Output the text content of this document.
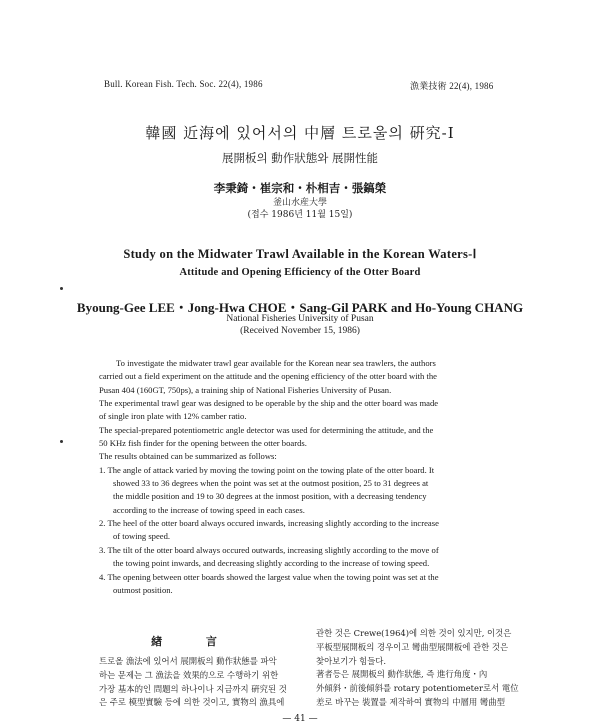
Bull. Korean Fish. Tech. Soc. 22(4), 1986	漁業技術 22(4), 1986
韓國 近海에 있어서의 中層 트로울의 硏究-Ⅰ
展開板의 動作狀態와 展開性能
李秉錡・崔宗和・朴相吉・張鎬榮
釜山水産大學
(접수 1986년 11월 15일)
Study on the Midwater Trawl Available in the Korean Waters-Ⅰ
Attitude and Opening Efficiency of the Otter Board
Byoung-Gee LEE・Jong-Hwa CHOE・Sang-Gil PARK and Ho-Young CHANG
National Fisheries University of Pusan
(Received November 15, 1986)
To investigate the midwater trawl gear available for the Korean near sea trawlers, the authors
carried out a field experiment on the attitude and the opening efficiency of the otter board with the
Pusan 404 (160GT, 750ps), a training ship of National Fisheries University of Pusan.
The experimental trawl gear was designed to be operable by the ship and the otter board was made
of single iron plate with 12% camber ratio.
The special-prepared potentiometric angle detector was used for determining the attitude, and the
50 KHz fish finder for the opening between the otter boards.
The results obtained can be summarized as follows:
1. The angle of attack varied by moving the towing point on the towing plate of the otter board. It
showed 33 to 36 degrees when the point was set at the outmost position, 25 to 31 degrees at
the middle position and 19 to 30 degrees at the inmost position, with a decreasing tendency
according to the increase of towing speed in each cases.
2. The heel of the otter board always occured inwards, increasing slightly according to the increase
of towing speed.
3. The tilt of the otter board always occured outwards, increasing slightly according to the move of
the towing point inwards, and decreasing slightly according to the increase of towing speed.
4. The opening between otter boards showed the largest value when the towing point was set at the
outmost position.
緖 言
트로올 漁法에 있어서 展開板의 動作狀態를 파악
하는 문제는 그 漁法을 效果的으로 수행하기 위한
가장 基本的인 問題의 하나이나 지금까지 硏究된 것
은 주로 模型實驗 등에 의한 것이고, 實物의 漁具에
관한 것은 Crewe(1964)에 의한 것이 있지만, 이것은
平板型展開板의 경우이고 彎曲型展開板에 관한 것은
찾아보기가 힘들다.
著者등은 展開板의 動作狀態, 즉 進行角度・內
外傾斜・前後傾斜를 rotary potentiometer로서 電位
差로 바꾸는 裝置를 제작하여 實物의 中層用 彎曲型
— 41 —
